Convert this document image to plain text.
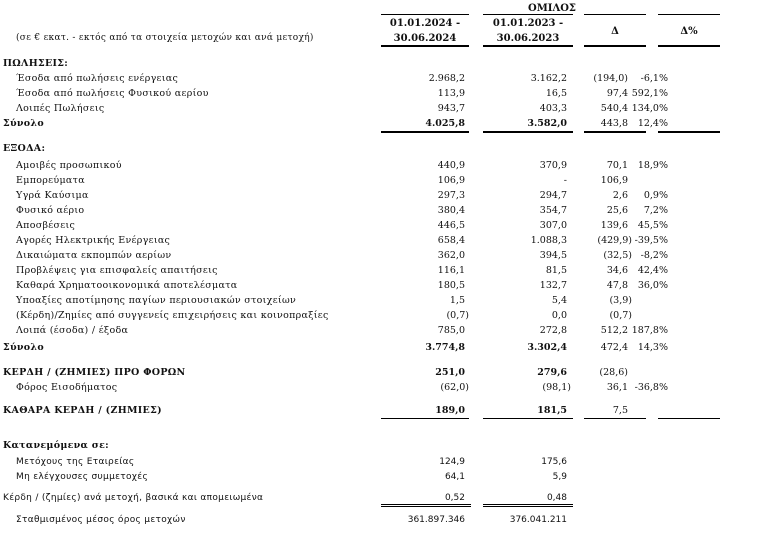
ΟΜΙΛΟΣ
(σε € εκατ. - εκτός από τα στοιχεία μετοχών και ανά μετοχή)
01.01.2024 -
30.06.2024
01.01.2023 -
30.06.2023
Δ	Δ%
ΠΩΛΗΣΕΙΣ:
Έσοδα από πωλήσεις ενέργειας	2.968,2	3.162,2	(194,0) -6,1%
Έσοδα από πωλήσεις Φυσικού αερίου	113,9	16,5	97,4 592,1%
Λοιπές Πωλήσεις	943,7	403,3	540,4 134,0%
Σύνολο	4.025,8	3.582,0	443,8 12,4%
ΕΞΟΔΑ:
Αμοιβές προσωπικού	440,9	370,9	70,1 18,9%
Εμπορεύματα	106,9	-	106,9
Υγρά Καύσιμα	297,3	294,7	2,6 0,9%
Φυσικό αέριο	380,4	354,7	25,6 7,2%
Αποσβέσεις	446,5	307,0	139,6 45,5%
Αγορές Ηλεκτρικής Ενέργειας	658,4	1.088,3	(429,9) -39,5%
Δικαιώματα εκπομπών αερίων	362,0	394,5	(32,5) -8,2%
Προβλέψεις για επισφαλείς απαιτήσεις	116,1	81,5	34,6 42,4%
Καθαρά Χρηματοοικονομικά αποτελέσματα	180,5	132,7	47,8 36,0%
Υποαξίες αποτίμησης παγίων περιουσιακών στοιχείων	1,5	5,4	(3,9)
(Κέρδη)/Ζημίες από συγγενείς επιχειρήσεις και κοινοπραξίες	(0,7)	0,0	(0,7)
Λοιπά (έσοδα) / έξοδα	785,0	272,8	512,2 187,8%
Σύνολο	3.774,8	3.302,4	472,4 14,3%
ΚΕΡΔΗ / (ΖΗΜΙΕΣ) ΠΡΟ ΦΟΡΩΝ	251,0	279,6	(28,6)
Φόρος Εισοδήματος	(62,0)	(98,1)	36,1 -36,8%
ΚΑΘΑΡΑ ΚΕΡΔΗ / (ΖΗΜΙΕΣ)	189,0	181,5	7,5
Κατανεμόμενα σε:
Μετόχους της Εταιρείας	124,9	175,6
Μη ελέγχουσες συμμετοχές	64,1	5,9
Κέρδη / (ζημίες) ανά μετοχή, βασικά και απομειωμένα	0,52	0,48
Σταθμισμένος μέσος όρος μετοχών	361.897.346	376.041.211
